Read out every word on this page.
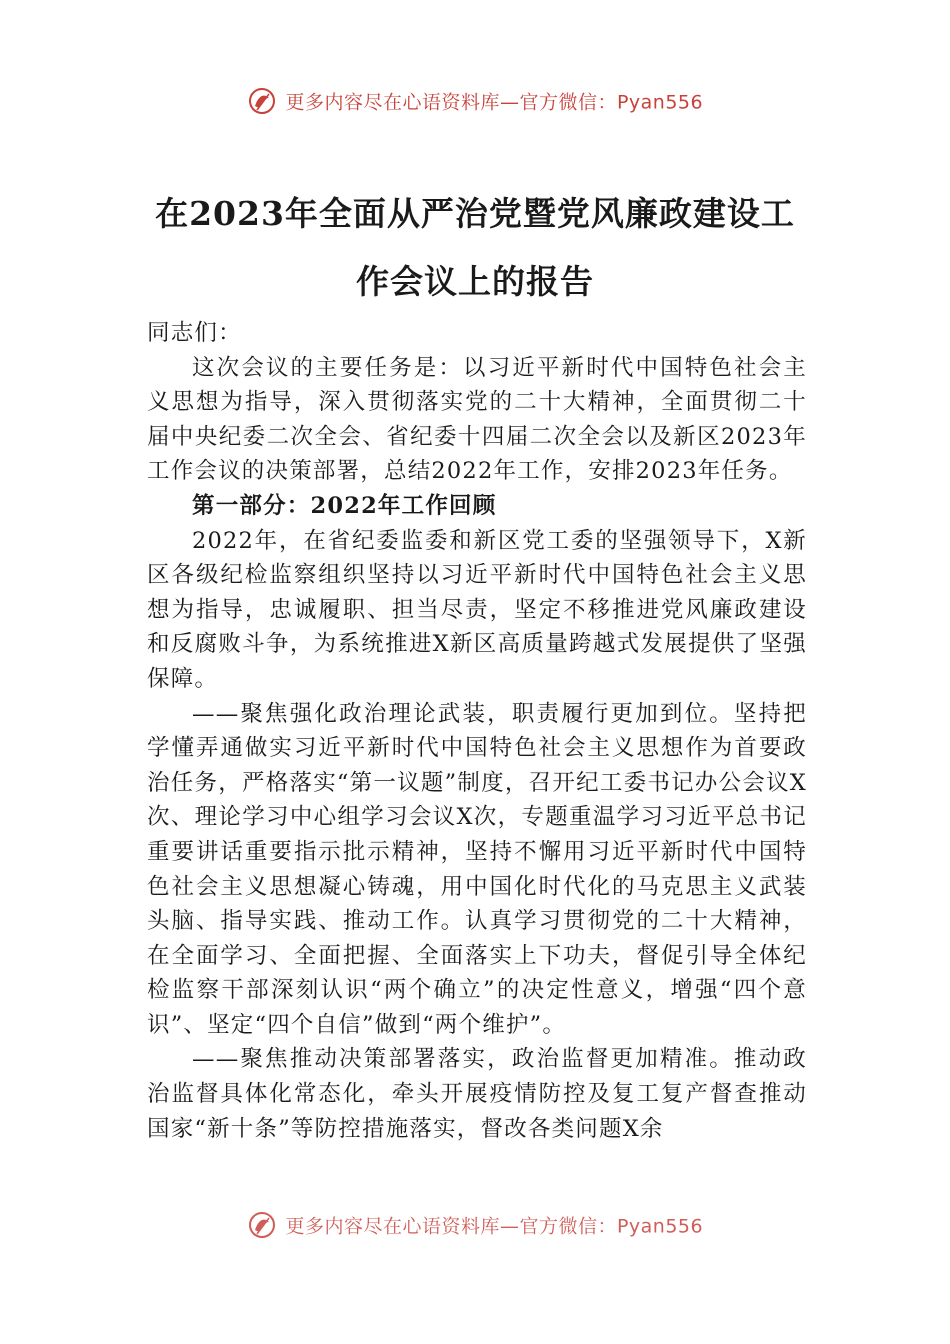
更多内容尽在心语资料库—官方微信：Pyan556
在2023年全面从严治党暨党风廉政建设工
作会议上的报告

同志们：

这次会议的主要任务是：以习近平新时代中国特色社会主义思想为指导，深入贯彻落实党的二十大精神，全面贯彻二十届中央纪委二次全会、省纪委十四届二次全会以及新区2023年工作会议的决策部署，总结2022年工作，安排2023年任务。

第一部分：2022年工作回顾

2022年，在省纪委监委和新区党工委的坚强领导下，X新区各级纪检监察组织坚持以习近平新时代中国特色社会主义思想为指导，忠诚履职、担当尽责，坚定不移推进党风廉政建设和反腐败斗争，为系统推进X新区高质量跨越式发展提供了坚强保障。

——聚焦强化政治理论武装，职责履行更加到位。坚持把学懂弄通做实习近平新时代中国特色社会主义思想作为首要政治任务，严格落实“第一议题”制度，召开纪工委书记办公会议X次、理论学习中心组学习会议X次，专题重温学习习近平总书记重要讲话重要指示批示精神，坚持不懈用习近平新时代中国特色社会主义思想凝心铸魂，用中国化时代化的马克思主义武装头脑、指导实践、推动工作。认真学习贯彻党的二十大精神，在全面学习、全面把握、全面落实上下功夫，督促引导全体纪检监察干部深刻认识“两个确立”的决定性意义，增强“四个意识”、坚定“四个自信”做到“两个维护”。

——聚焦推动决策部署落实，政治监督更加精准。推动政治监督具体化常态化，牵头开展疫情防控及复工复产督查推动国家“新十条”等防控措施落实，督改各类问题X余

更多内容尽在心语资料库—官方微信：Pyan556
